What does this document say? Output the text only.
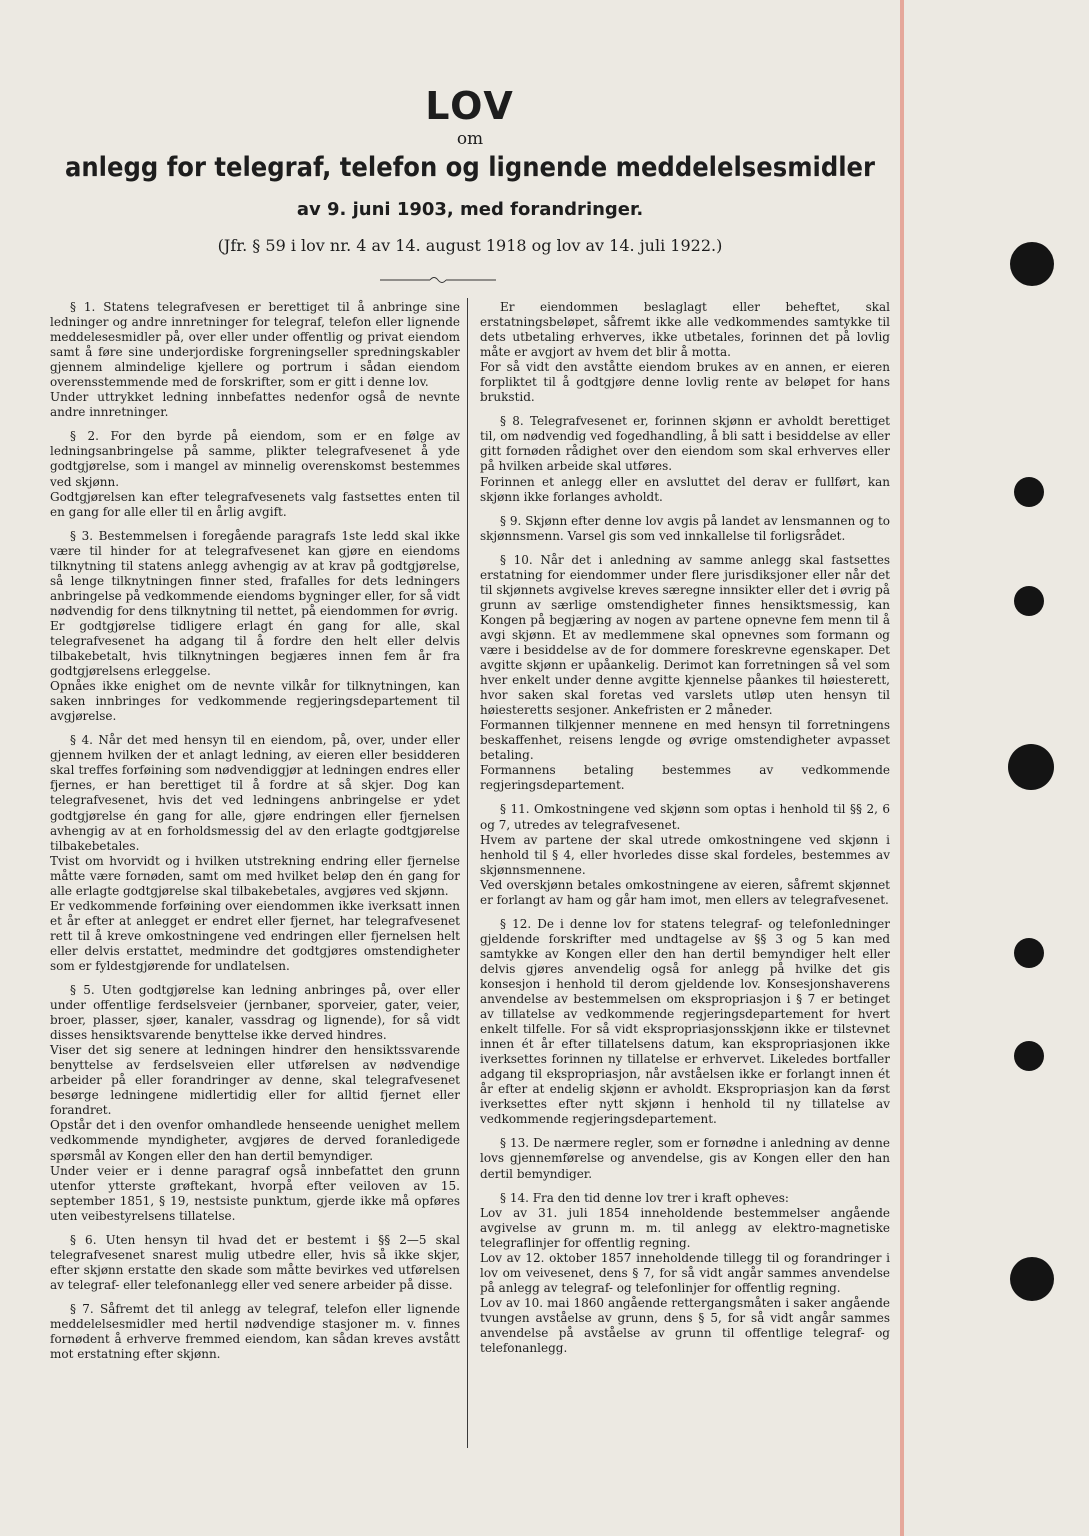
LOV
om
anlegg for telegraf, telefon og lignende meddelelsesmidler
av 9. juni 1903, med forandringer.
(Jfr. § 59 i lov nr. 4 av 14. august 1918 og lov av 14. juli 1922.)

§ 1. Statens telegrafvesen er berettiget til å anbringe sine ledninger og andre innretninger for telegraf, telefon eller lignende meddelesesmidler på, over eller under offentlig og privat eiendom samt å føre sine underjordiske forgreningseller spredningskabler gjennem almindelige kjellere og portrum i sådan eiendom overensstemmende med de forskrifter, som er gitt i denne lov.
Under uttrykket ledning innbefattes nedenfor også de nevnte andre innretninger.

§ 2. For den byrde på eiendom, som er en følge av ledningsanbringelse på samme, plikter telegrafvesenet å yde godtgjørelse, som i mangel av minnelig overenskomst bestemmes ved skjønn.
Godtgjørelsen kan efter telegrafvesenets valg fastsettes enten til en gang for alle eller til en årlig avgift.

§ 3. Bestemmelsen i foregående paragrafs 1ste ledd skal ikke være til hinder for at telegrafvesenet kan gjøre en eiendoms tilknytning til statens anlegg avhengig av at krav på godtgjørelse, så lenge tilknytningen finner sted, frafalles for dets ledningers anbringelse på vedkommende eiendoms bygninger eller, for så vidt nødvendig for dens tilknytning til nettet, på eiendommen for øvrig.
Er godtgjørelse tidligere erlagt én gang for alle, skal telegrafvesenet ha adgang til å fordre den helt eller delvis tilbakebetalt, hvis tilknytningen begjæres innen fem år fra godtgjørelsens erleggelse.
Opnåes ikke enighet om de nevnte vilkår for tilknytningen, kan saken innbringes for vedkommende regjeringsdepartement til avgjørelse.

§ 4. Når det med hensyn til en eiendom, på, over, under eller gjennem hvilken der et anlagt ledning, av eieren eller besidderen skal treffes forføining som nødvendiggjør at ledningen endres eller fjernes, er han berettiget til å fordre at så skjer. Dog kan telegrafvesenet, hvis det ved ledningens anbringelse er ydet godtgjørelse én gang for alle, gjøre endringen eller fjernelsen avhengig av at en forholdsmessig del av den erlagte godtgjørelse tilbakebetales.
Tvist om hvorvidt og i hvilken utstrekning endring eller fjernelse måtte være fornøden, samt om med hvilket beløp den én gang for alle erlagte godtgjørelse skal tilbakebetales, avgjøres ved skjønn.
Er vedkommende forføining over eiendommen ikke iverksatt innen et år efter at anlegget er endret eller fjernet, har telegrafvesenet rett til å kreve omkostningene ved endringen eller fjernelsen helt eller delvis erstattet, medmindre det godtgjøres omstendigheter som er fyldestgjørende for undlatelsen.

§ 5. Uten godtgjørelse kan ledning anbringes på, over eller under offentlige ferdselsveier (jernbaner, sporveier, gater, veier, broer, plasser, sjøer, kanaler, vassdrag og lignende), for så vidt disses hensiktsvarende benyttelse ikke derved hindres.
Viser det sig senere at ledningen hindrer den hensiktssvarende benyttelse av ferdselsveien eller utførelsen av nødvendige arbeider på eller forandringer av denne, skal telegrafvesenet besørge ledningene midlertidig eller for alltid fjernet eller forandret.
Opstår det i den ovenfor omhandlede henseende uenighet mellem vedkommende myndigheter, avgjøres de derved foranledigede spørsmål av Kongen eller den han dertil bemyndiger.
Under veier er i denne paragraf også innbefattet den grunn utenfor ytterste grøftekant, hvorpå efter veiloven av 15. september 1851, § 19, nestsiste punktum, gjerde ikke må opføres uten veibestyrelsens tillatelse.

§ 6. Uten hensyn til hvad det er bestemt i §§ 2—5 skal telegrafvesenet snarest mulig utbedre eller, hvis så ikke skjer, efter skjønn erstatte den skade som måtte bevirkes ved utførelsen av telegraf- eller telefonanlegg eller ved senere arbeider på disse.

§ 7. Såfremt det til anlegg av telegraf, telefon eller lignende meddelelsesmidler med hertil nødvendige stasjoner m. v. finnes fornødent å erhverve fremmed eiendom, kan sådan kreves avstått mot erstatning efter skjønn.

Er eiendommen beslaglagt eller beheftet, skal erstatningsbeløpet, såfremt ikke alle vedkommendes samtykke til dets utbetaling erhverves, ikke utbetales, forinnen det på lovlig måte er avgjort av hvem det blir å motta.
For så vidt den avståtte eiendom brukes av en annen, er eieren forpliktet til å godtgjøre denne lovlig rente av beløpet for hans brukstid.

§ 8. Telegrafvesenet er, forinnen skjønn er avholdt berettiget til, om nødvendig ved fogedhandling, å bli satt i besiddelse av eller gitt fornøden rådighet over den eiendom som skal erhverves eller på hvilken arbeide skal utføres.
Forinnen et anlegg eller en avsluttet del derav er fullført, kan skjønn ikke forlanges avholdt.

§ 9. Skjønn efter denne lov avgis på landet av lensmannen og to skjønnsmenn. Varsel gis som ved innkallelse til forligsrådet.

§ 10. Når det i anledning av samme anlegg skal fastsettes erstatning for eiendommer under flere jurisdiksjoner eller når det til skjønnets avgivelse kreves særegne innsikter eller det i øvrig på grunn av særlige omstendigheter finnes hensiktsmessig, kan Kongen på begjæring av nogen av partene opnevne fem menn til å avgi skjønn. Et av medlemmene skal opnevnes som formann og være i besiddelse av de for dommere foreskrevne egenskaper. Det avgitte skjønn er upåankelig. Derimot kan forretningen så vel som hver enkelt under denne avgitte kjennelse påankes til høiesterett, hvor saken skal foretas ved varslets utløp uten hensyn til høiesteretts sesjoner. Ankefristen er 2 måneder.
Formannen tilkjenner mennene en med hensyn til forretningens beskaffenhet, reisens lengde og øvrige omstendigheter avpasset betaling.
Formannens betaling bestemmes av vedkommende regjeringsdepartement.

§ 11. Omkostningene ved skjønn som optas i henhold til §§ 2, 6 og 7, utredes av telegrafvesenet.
Hvem av partene der skal utrede omkostningene ved skjønn i henhold til § 4, eller hvorledes disse skal fordeles, bestemmes av skjønnsmennene.
Ved overskjønn betales omkostningene av eieren, såfremt skjønnet er forlangt av ham og går ham imot, men ellers av telegrafvesenet.

§ 12. De i denne lov for statens telegraf- og telefonledninger gjeldende forskrifter med undtagelse av §§ 3 og 5 kan med samtykke av Kongen eller den han dertil bemyndiger helt eller delvis gjøres anvendelig også for anlegg på hvilke det gis konsesjon i henhold til derom gjeldende lov. Konsesjonshaverens anvendelse av bestemmelsen om ekspropriasjon i § 7 er betinget av tillatelse av vedkommende regjeringsdepartement for hvert enkelt tilfelle. For så vidt ekspropriasjonsskjønn ikke er tilstevnet innen ét år efter tillatelsens datum, kan ekspropriasjonen ikke iverksettes forinnen ny tillatelse er erhvervet. Likeledes bortfaller adgang til ekspropriasjon, når avståelsen ikke er forlangt innen ét år efter at endelig skjønn er avholdt. Ekspropriasjon kan da først iverksettes efter nytt skjønn i henhold til ny tillatelse av vedkommende regjeringsdepartement.

§ 13. De nærmere regler, som er fornødne i anledning av denne lovs gjennemførelse og anvendelse, gis av Kongen eller den han dertil bemyndiger.

§ 14. Fra den tid denne lov trer i kraft opheves:
Lov av 31. juli 1854 inneholdende bestemmelser angående avgivelse av grunn m. m. til anlegg av elektro-magnetiske telegraflinjer for offentlig regning.
Lov av 12. oktober 1857 inneholdende tillegg til og forandringer i lov om veivesenet, dens § 7, for så vidt angår sammes anvendelse på anlegg av telegraf- og telefonlinjer for offentlig regning.
Lov av 10. mai 1860 angående rettergangsmåten i saker angående tvungen avståelse av grunn, dens § 5, for så vidt angår sammes anvendelse på avståelse av grunn til offentlige telegraf- og telefonanlegg.
